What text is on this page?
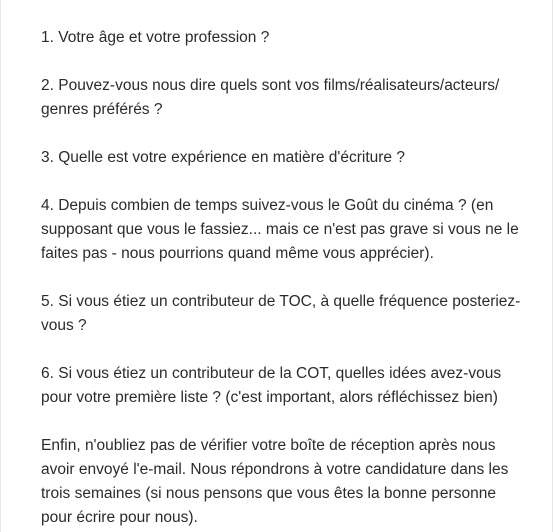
1. Votre âge et votre profession ?

2. Pouvez-vous nous dire quels sont vos films/réalisateurs/acteurs/ genres préférés ?

3. Quelle est votre expérience en matière d'écriture ?

4. Depuis combien de temps suivez-vous le Goût du cinéma ? (en supposant que vous le fassiez... mais ce n'est pas grave si vous ne le faites pas - nous pourrions quand même vous apprécier).

5. Si vous étiez un contributeur de TOC, à quelle fréquence posteriez-vous ?

6. Si vous étiez un contributeur de la COT, quelles idées avez-vous pour votre première liste ? (c'est important, alors réfléchissez bien)

Enfin, n'oubliez pas de vérifier votre boîte de réception après nous avoir envoyé l'e-mail. Nous répondrons à votre candidature dans les trois semaines (si nous pensons que vous êtes la bonne personne pour écrire pour nous).
